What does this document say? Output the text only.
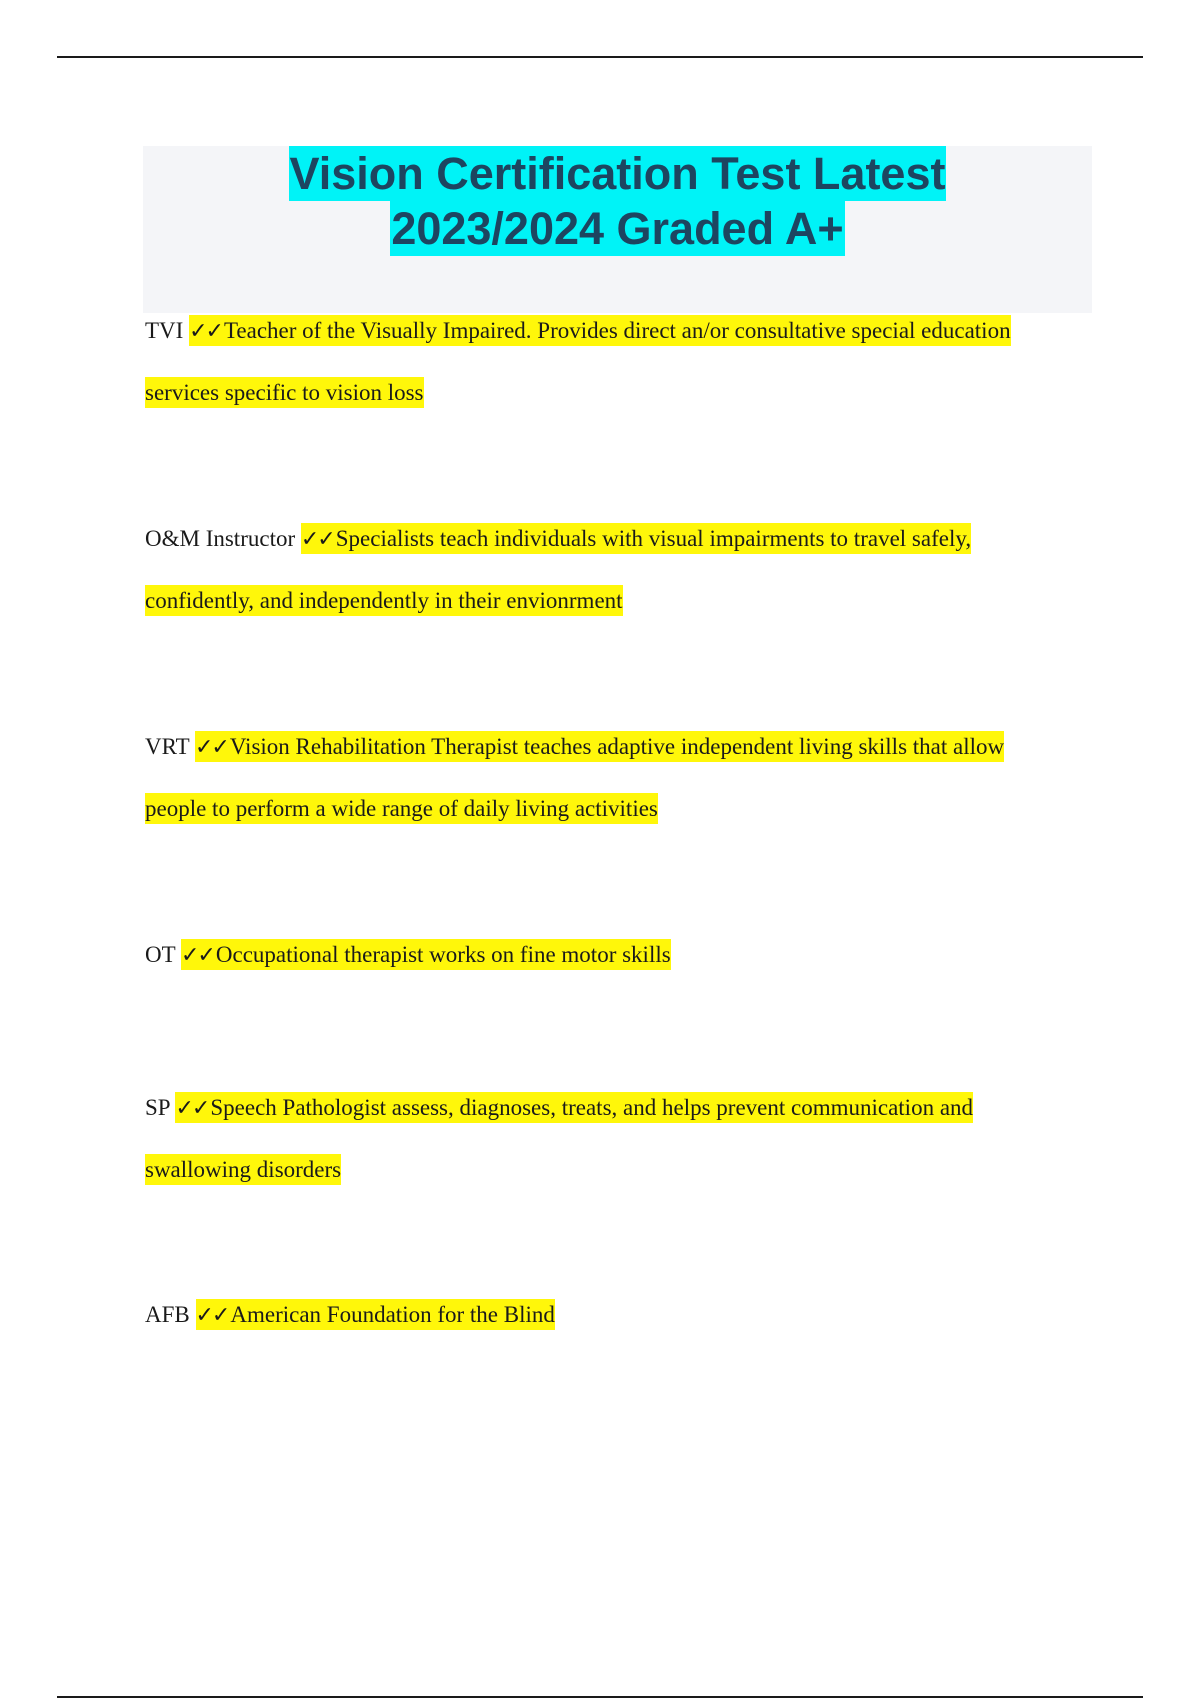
Vision Certification Test Latest
2023/2024 Graded A+
TVI ✓✓Teacher of the Visually Impaired. Provides direct an/or consultative special education
services specific to vision loss
O&M Instructor ✓✓Specialists teach individuals with visual impairments to travel safely,
confidently, and independently in their envionrment
VRT ✓✓Vision Rehabilitation Therapist teaches adaptive independent living skills that allow
people to perform a wide range of daily living activities
OT ✓✓Occupational therapist works on fine motor skills
SP ✓✓Speech Pathologist assess, diagnoses, treats, and helps prevent communication and
swallowing disorders
AFB ✓✓American Foundation for the Blind
